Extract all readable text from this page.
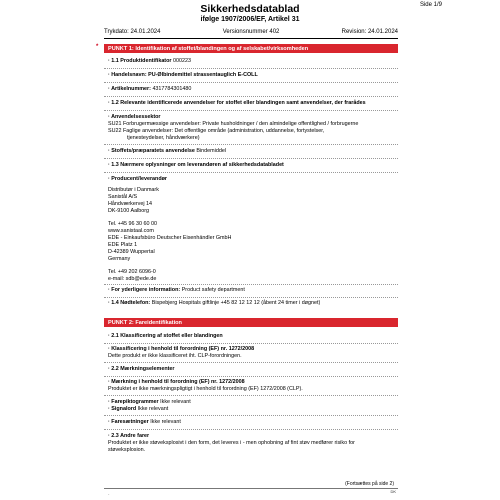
Side 1/9
Sikkerhedsdatablad
ifølge 1907/2006/EF, Artikel 31
Trykdato: 24.01.2024	Versionsnummer 402	Revision: 24.01.2024
*	PUNKT 1: Identifikation af stoffet/blandingen og af selskabet/virksomheden
· 1.1 Produktidentifikator 000223
· Handelsnavn: PU-Ølbindemittel strassentauglich E-COLL
· Artikelnummer: 4317784301480
· 1.2 Relevante identificerede anvendelser for stoffet eller blandingen samt anvendelser, der frarådes
· Anvendelsessektor
SU21 Forbrugermæssige anvendelser: Private husholdninger / den almindelige offentlighed / forbrugerne
SU22 Faglige anvendelser: Det offentlige område (administration, uddannelse, fortystelser,
tjenesteydelser, håndværkere)
· Stoffets/præparatets anvendelse Bindemiddel
· 1.3 Nærmere oplysninger om leverandøren af sikkerhedsdatabladet
· Producent/leverandør
Distributør i Danmark
Sanistål A/S
Håndværkervej 14
DK-9100 Aalborg
Tel. +45 96 30 60 00
www.sanistaal.com
EDE - Einkaufsbüro Deutscher Eisenhändler GmbH
EDE Platz 1
D-42389 Wuppertal
Germany
Tel. +49 202 6096-0
e-mail: sdb@ede.de
· For yderligere information: Product safety department
· 1.4 Nødtelefon: Bispebjerg Hospitals giftlinje +45 82 12 12 12 (åbent 24 timer i døgnet)
PUNKT 2: Fareidentifikation
· 2.1 Klassificering af stoffet eller blandingen
· Klassificering i henhold til forordning (EF) nr. 1272/2008
Dette produkt er ikke klassificeret iht. CLP-forordningen.
· 2.2 Mærkningselementer
· Mærkning i henhold til forordning (EF) nr. 1272/2008
Produktet er ikke mærkningspligtigt i henhold til forordning (EF) 1272/2008 (CLP).
· Farepiktogrammer Ikke relevant
· Signalord Ikke relevant
· Faresætninger Ikke relevant
· 2.3 Andre farer
Produktet er ikke støveksplosivt i den form, det leveres i - men ophobning af fint støv medfører risiko for
støveksplosion.
(Fortsættes på side 2)
DK
·
